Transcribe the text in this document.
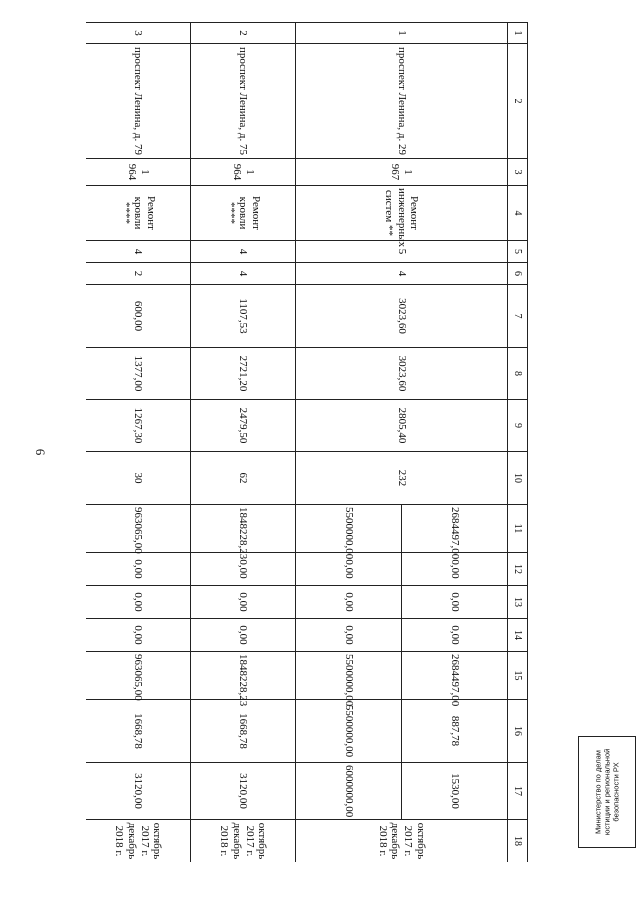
6
1	2	3	4	5	6	7	8	9	10	11	12	13	14	15	16	17	18
1	проспект Ленина, д. 29	1 967	Ремонт инженерных систем **	5	4	3023,60	3023,60	2805,40	232	2684497,00	0,00	0,00	0,00	2684497,00	887,78	1530,00	октябрь 2017 г. декабрь 2018 г.
										5500000,00	0,00	0,00	0,00	5500000,00	5500000,00	6000000,00	
2	проспект Ленина, д. 75	1 964	Ремонт кровли ****	4	4	1107,53	2721,20	2479,50	62	1848228,23	0,00	0,00	0,00	1848228,23	1668,78	3120,00	октябрь 2017 г. декабрь 2018 г.
3	проспект Ленина, д. 79	1 964	Ремонт кровли ****	4	2	600,00	1377,00	1267,30	30	963065,00	0,00	0,00	0,00	963065,00	1668,78	3120,00	октябрь 2017 г. декабрь 2018 г.
Министерство по делам юстиции и региональной безопасности РХ
